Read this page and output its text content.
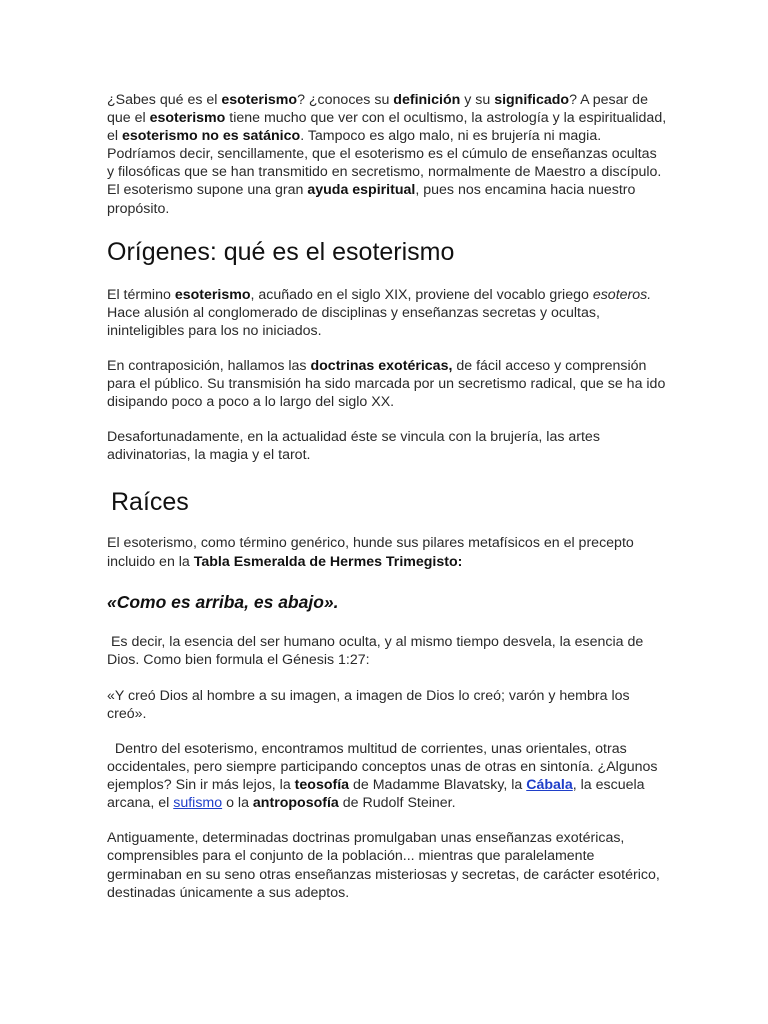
¿Sabes qué es el esoterismo? ¿conoces su definición y su significado? A pesar de que el esoterismo tiene mucho que ver con el ocultismo, la astrología y la espiritualidad, el esoterismo no es satánico. Tampoco es algo malo, ni es brujería ni magia. Podríamos decir, sencillamente, que el esoterismo es el cúmulo de enseñanzas ocultas y filosóficas que se han transmitido en secretismo, normalmente de Maestro a discípulo. El esoterismo supone una gran ayuda espiritual, pues nos encamina hacia nuestro propósito.

Orígenes: qué es el esoterismo

El término esoterismo, acuñado en el siglo XIX, proviene del vocablo griego esoteros. Hace alusión al conglomerado de disciplinas y enseñanzas secretas y ocultas, ininteligibles para los no iniciados.

En contraposición, hallamos las doctrinas exotéricas, de fácil acceso y comprensión para el público. Su transmisión ha sido marcada por un secretismo radical, que se ha ido disipando poco a poco a lo largo del siglo XX.

Desafortunadamente, en la actualidad éste se vincula con la brujería, las artes adivinatorias, la magia y el tarot.

Raíces

El esoterismo, como término genérico, hunde sus pilares metafísicos en el precepto incluido en la Tabla Esmeralda de Hermes Trimegisto:

«Como es arriba, es abajo».

Es decir, la esencia del ser humano oculta, y al mismo tiempo desvela, la esencia de Dios. Como bien formula el Génesis 1:27:

«Y creó Dios al hombre a su imagen, a imagen de Dios lo creó; varón y hembra los creó».

Dentro del esoterismo, encontramos multitud de corrientes, unas orientales, otras occidentales, pero siempre participando conceptos unas de otras en sintonía. ¿Algunos ejemplos? Sin ir más lejos, la teosofía de Madamme Blavatsky, la Cábala, la escuela arcana, el sufismo o la antroposofía de Rudolf Steiner.

Antiguamente, determinadas doctrinas promulgaban unas enseñanzas exotéricas, comprensibles para el conjunto de la población... mientras que paralelamente germinaban en su seno otras enseñanzas misteriosas y secretas, de carácter esotérico, destinadas únicamente a sus adeptos.
